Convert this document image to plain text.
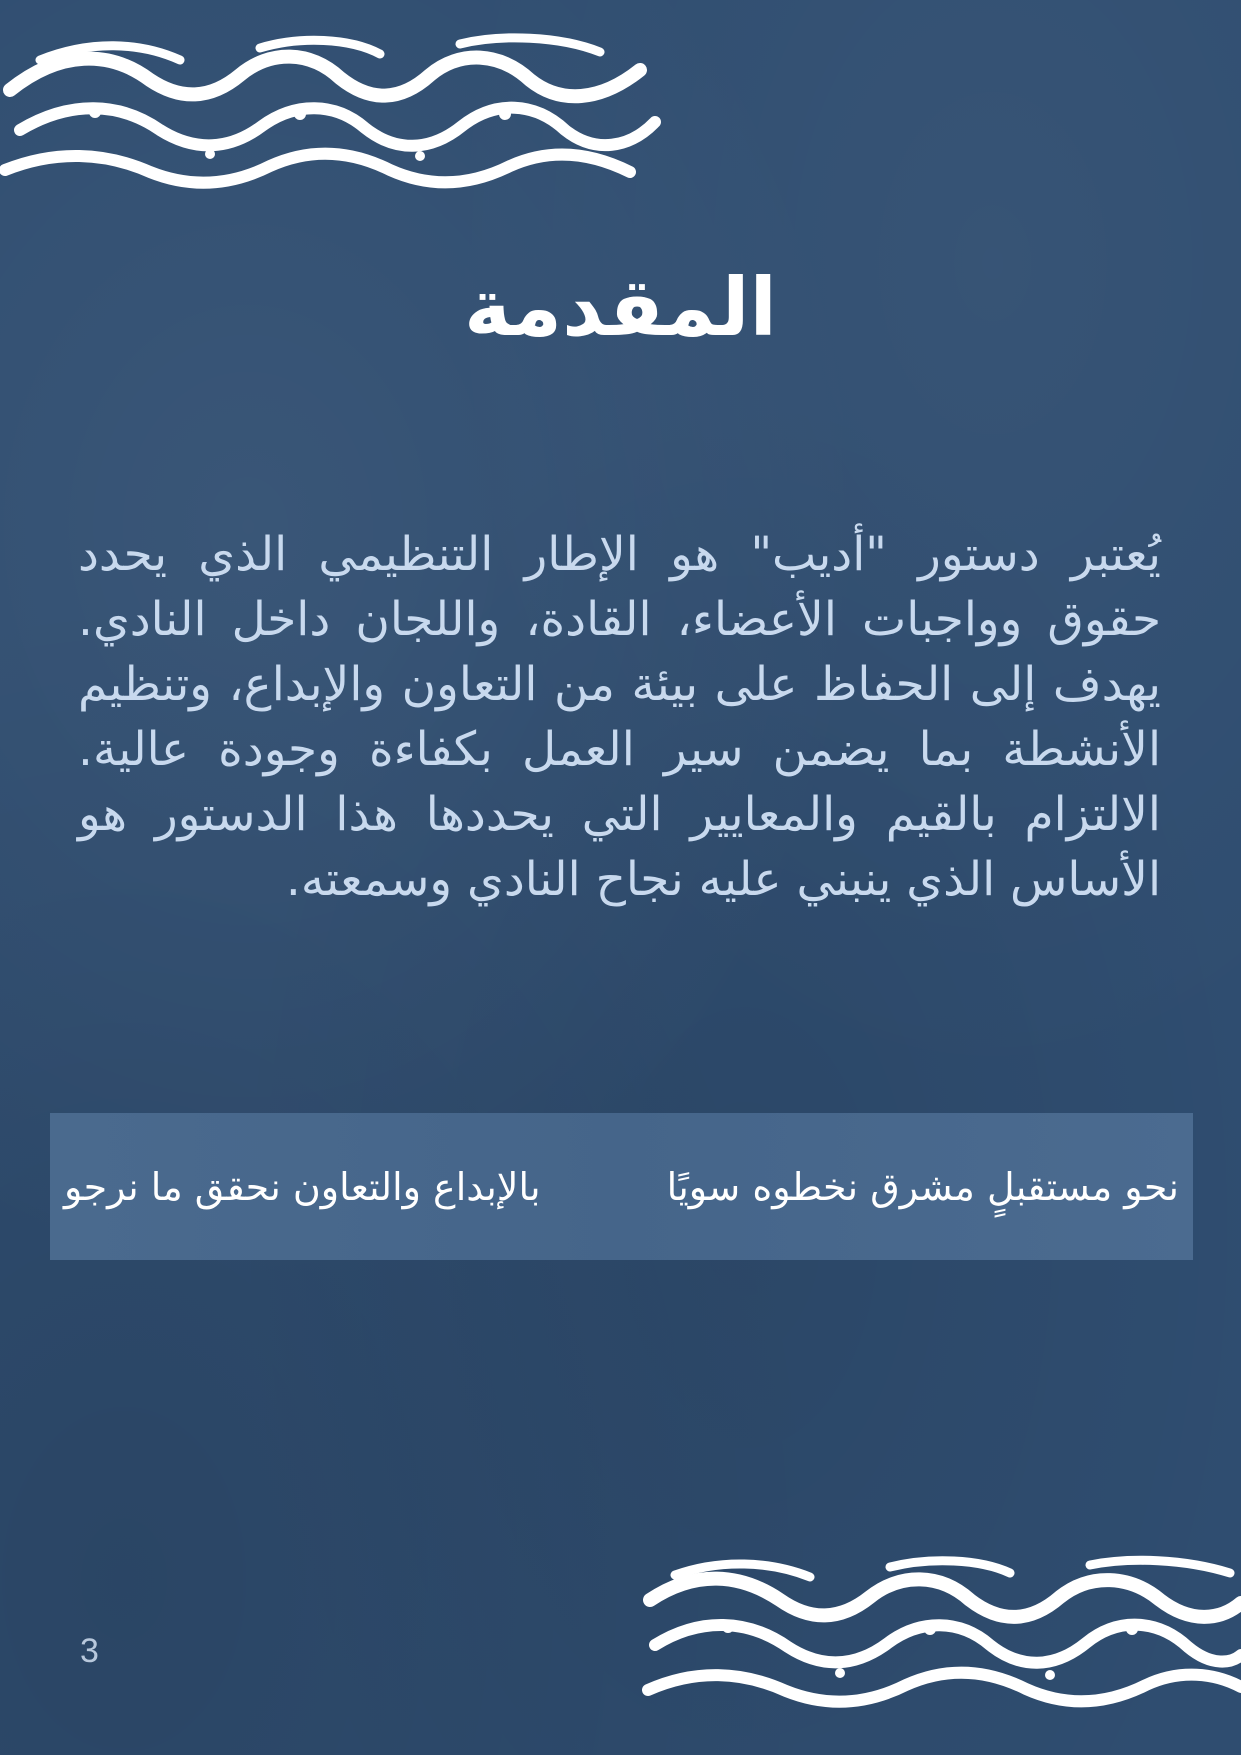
المقدمة

يُعتبر دستور "أديب" هو الإطار التنظيمي الذي يحدد حقوق وواجبات الأعضاء، القادة، واللجان داخل النادي. يهدف إلى الحفاظ على بيئة من التعاون والإبداع، وتنظيم الأنشطة بما يضمن سير العمل بكفاءة وجودة عالية. الالتزام بالقيم والمعايير التي يحددها هذا الدستور هو الأساس الذي ينبني عليه نجاح النادي وسمعته.

نحو مستقبلٍ مشرق نخطوه سويًا
بالإبداع والتعاون نحقق ما نرجو
3
